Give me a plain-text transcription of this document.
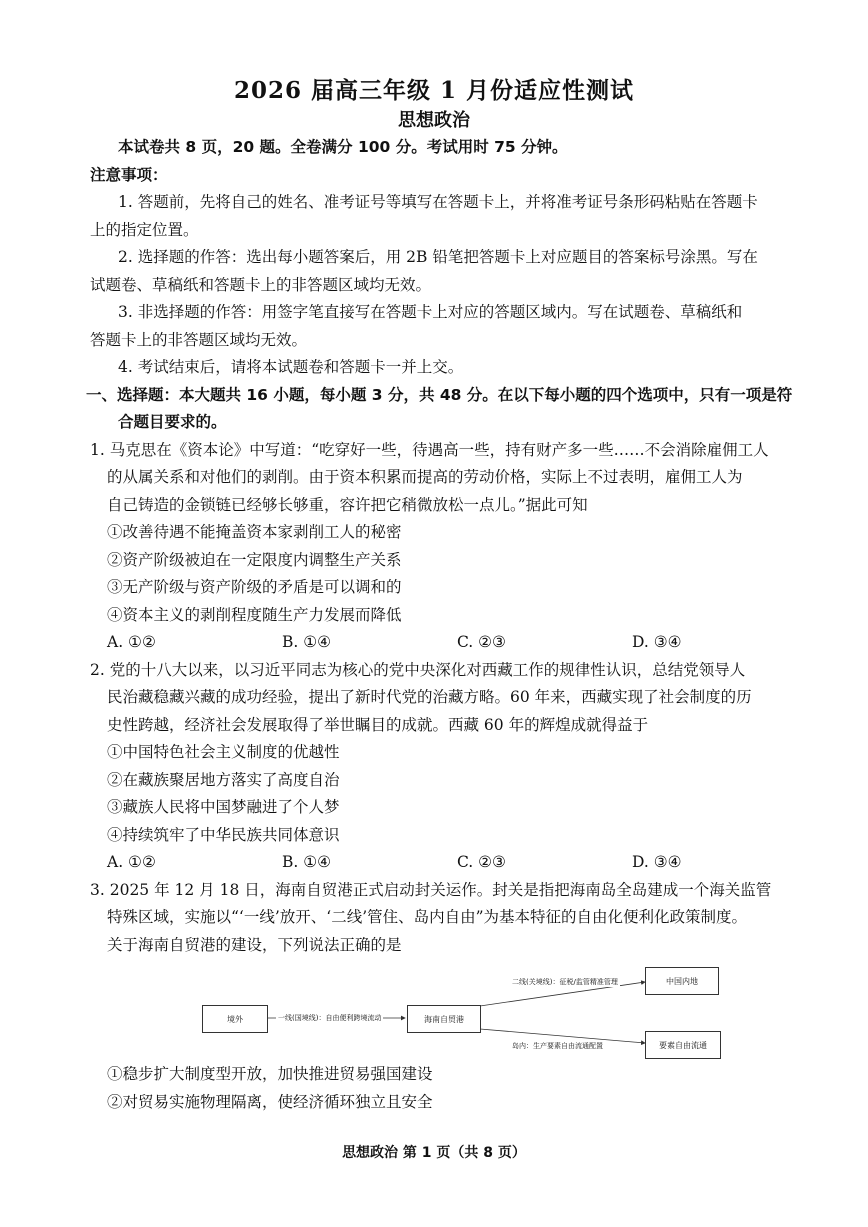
2026 届高三年级 1 月份适应性测试
思想政治
本试卷共 8 页，20 题。全卷满分 100 分。考试用时 75 分钟。
注意事项：
1. 答题前，先将自己的姓名、准考证号等填写在答题卡上，并将准考证号条形码粘贴在答题卡
上的指定位置。
2. 选择题的作答：选出每小题答案后，用 2B 铅笔把答题卡上对应题目的答案标号涂黑。写在
试题卷、草稿纸和答题卡上的非答题区域均无效。
3. 非选择题的作答：用签字笔直接写在答题卡上对应的答题区域内。写在试题卷、草稿纸和
答题卡上的非答题区域均无效。
4. 考试结束后，请将本试题卷和答题卡一并上交。
一、选择题：本大题共 16 小题，每小题 3 分，共 48 分。在以下每小题的四个选项中，只有一项是符
合题目要求的。
1. 马克思在《资本论》中写道：“吃穿好一些，待遇高一些，持有财产多一些……不会消除雇佣工人
的从属关系和对他们的剥削。由于资本积累而提高的劳动价格，实际上不过表明，雇佣工人为
自己铸造的金锁链已经够长够重，容许把它稍微放松一点儿。”据此可知
①改善待遇不能掩盖资本家剥削工人的秘密
②资产阶级被迫在一定限度内调整生产关系
③无产阶级与资产阶级的矛盾是可以调和的
④资本主义的剥削程度随生产力发展而降低
A. ①②	B. ①④	C. ②③	D. ③④
2. 党的十八大以来，以习近平同志为核心的党中央深化对西藏工作的规律性认识，总结党领导人
民治藏稳藏兴藏的成功经验，提出了新时代党的治藏方略。60 年来，西藏实现了社会制度的历
史性跨越，经济社会发展取得了举世瞩目的成就。西藏 60 年的辉煌成就得益于
①中国特色社会主义制度的优越性
②在藏族聚居地方落实了高度自治
③藏族人民将中国梦融进了个人梦
④持续筑牢了中华民族共同体意识
A. ①②	B. ①④	C. ②③	D. ③④
3. 2025 年 12 月 18 日，海南自贸港正式启动封关运作。封关是指把海南岛全岛建成一个海关监管
特殊区域，实施以“‘一线’放开、‘二线’管住、岛内自由”为基本特征的自由化便利化政策制度。
关于海南自贸港的建设，下列说法正确的是
境外	海南自贸港
中国内地
要素自由流通
一线(国境线)：自由便利跨境流动
二线(关境线)：征税/监管精准管理
岛内：生产要素自由流通配置
①稳步扩大制度型开放，加快推进贸易强国建设
②对贸易实施物理隔离，使经济循环独立且安全
思想政治 第 1 页（共 8 页）
